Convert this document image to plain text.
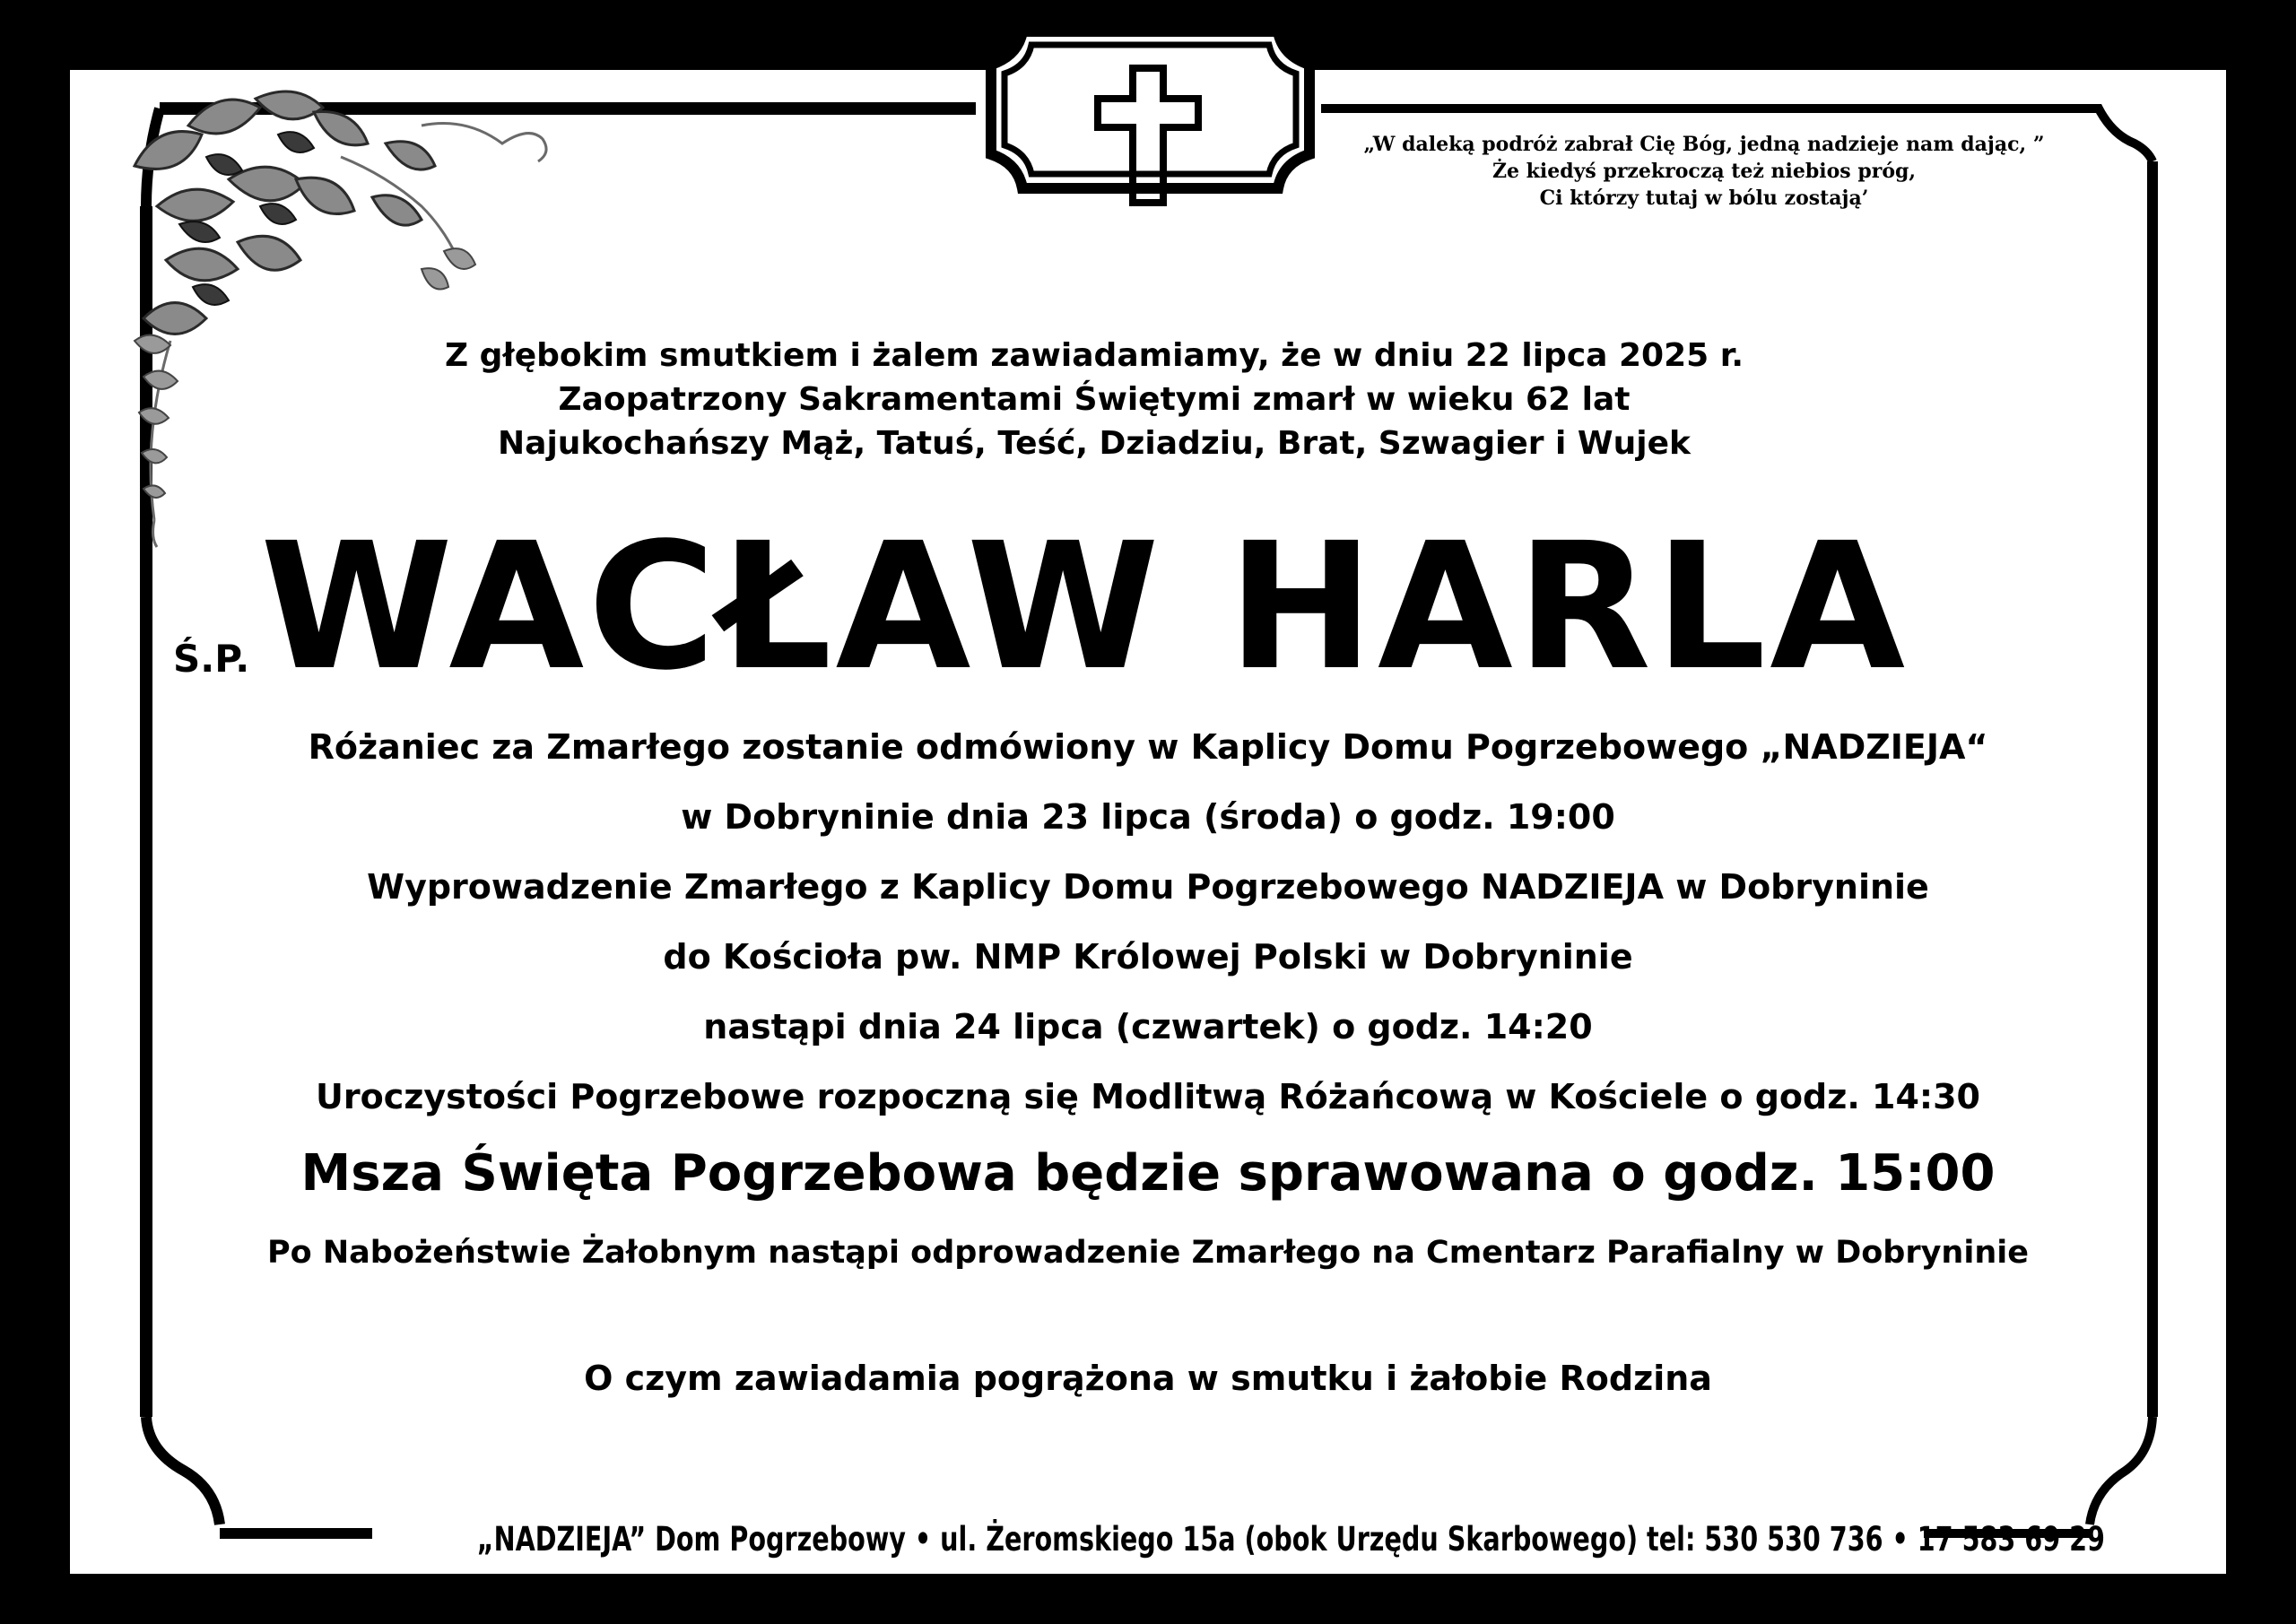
„W daleką podróż zabrał Cię Bóg, jedną nadzieje nam dając, ”
Że kiedyś przekroczą też niebios próg,
Ci którzy tutaj w bólu zostają’
Z głębokim smutkiem i żalem zawiadamiamy, że w dniu 22 lipca 2025 r.
Zaopatrzony Sakramentami Świętymi zmarł w wieku 62 lat
Najukochańszy Mąż, Tatuś, Teść, Dziadziu, Brat, Szwagier i Wujek
Ś.P. WACŁAW HARLA
Różaniec za Zmarłego zostanie odmówiony w Kaplicy Domu Pogrzebowego „NADZIEJA“
w Dobryninie dnia 23 lipca (środa) o godz. 19:00
Wyprowadzenie Zmarłego z Kaplicy Domu Pogrzebowego NADZIEJA w Dobryninie
do Kościoła pw. NMP Królowej Polski w Dobryninie
nastąpi dnia 24 lipca (czwartek) o godz. 14:20
Uroczystości Pogrzebowe rozpoczną się Modlitwą Różańcową w Kościele o godz. 14:30
Msza Święta Pogrzebowa będzie sprawowana o godz. 15:00
Po Nabożeństwie Żałobnym nastąpi odprowadzenie Zmarłego na Cmentarz Parafialny w Dobryninie
O czym zawiadamia pogrążona w smutku i żałobie Rodzina
„NADZIEJA” Dom Pogrzebowy • ul. Żeromskiego 15a (obok Urzędu Skarbowego) tel: 530 530 736 • 17 583 69 29
